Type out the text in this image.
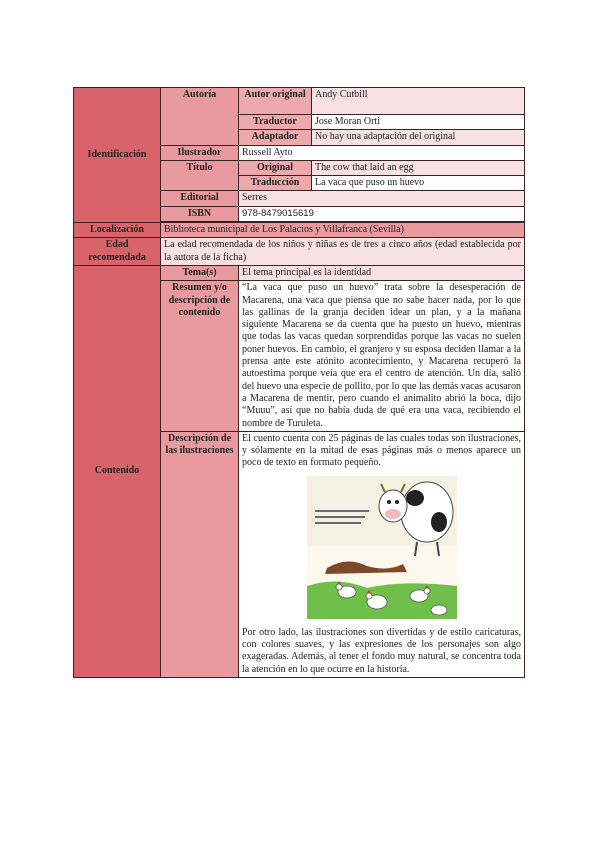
Identificación	Autoría	Autor original	Andy Cutbill
		Traductor	Jose Moran Orti
		Adaptador	No hay una adaptación del original
	Ilustrador	Russell Ayto	
	Título	Original	The cow that laid an egg
		Traducción	La vaca que puso un huevo
	Editorial	Serres	
	ISBN	978-8479015619	

Localización	Biblioteca municipal de Los Palacios y Villafranca (Sevilla)		
Edad recomendada	La edad recomendada de los niños y niñas es de tres a cinco años (edad establecida por la autora de la ficha)		
Contenido	Tema(s)	El tema principal es la identidad	
	Resumen y/o descripción de contenido	“La vaca que puso un huevo” trata sobre la desesperación de Macarena, una vaca que piensa que no sabe hacer nada, por lo que las gallinas de la granja deciden idear un plan, y a la mañana siguiente Macarena se da cuenta que ha puesto un huevo, mientras que todas las vacas quedan sorprendidas porque las vacas no suelen poner huevos. En cambio, el granjero y su esposa deciden llamar a la prensa ante este atónito acontecimiento, y Macarena recuperó la autoestima porque veía que era el centro de atención. Un día, salió del huevo una especie de pollito, por lo que las demás vacas acusaron a Macarena de mentir, pero cuando el animalito abrió la boca, dijo “Muuu”, así que no había duda de qué era una vaca, recibiendo el nombre de Turuleta.	
	Descripción de las ilustraciones	El cuento cuenta con 25 páginas de las cuales todas son ilustraciones, y sólamente en la mitad de esas páginas más o menos aparece un poco de texto en formato pequeño.
Por otro lado, las ilustraciones son divertidas y de estilo caricaturas, con colores suaves, y las expresiones de los personajes son algo exageradas. Además, al tener el fondo muy natural, se concentra toda la atención en lo que ocurre en la historia.	
